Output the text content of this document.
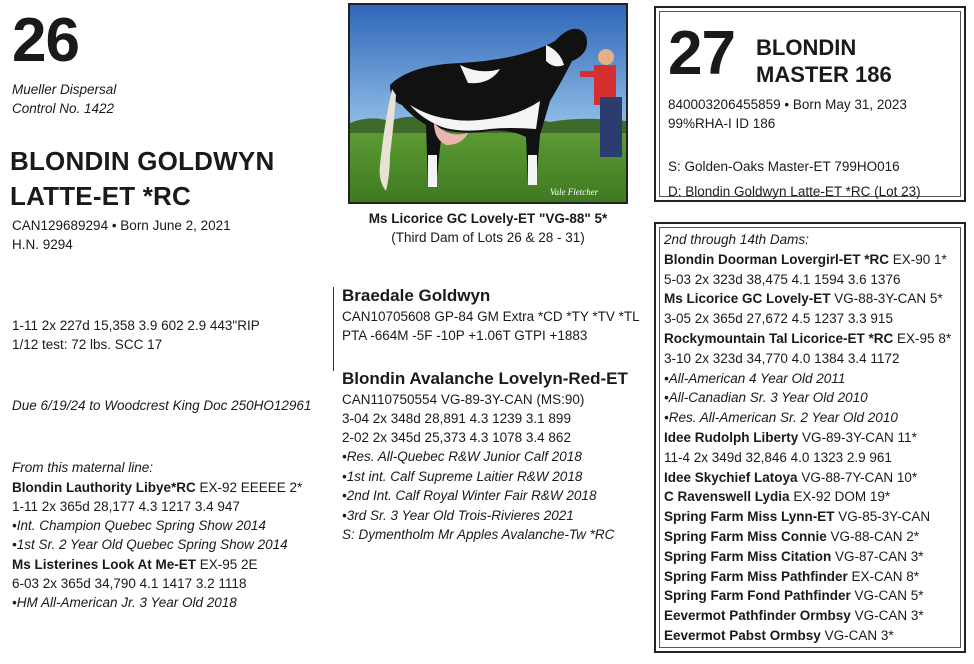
26
Mueller Dispersal
Control No. 1422
BLONDIN GOLDWYN
LATTE-ET *RC
CAN129689294 • Born June 2, 2021
H.N. 9294
1-11 2x 227d 15,358 3.9 602 2.9 443"RIP
1/12 test: 72 lbs. SCC 17
Due 6/19/24 to Woodcrest King Doc 250HO12961
From this maternal line:
Blondin Lauthority Libye*RC EX-92 EEEEE 2*
1-11 2x 365d 28,177 4.3 1217 3.4 947
•Int. Champion Quebec Spring Show 2014
•1st Sr. 2 Year Old Quebec Spring Show 2014
Ms Listerines Look At Me-ET EX-95 2E
6-03 2x 365d 34,790 4.1 1417 3.2 1118
•HM All-American Jr. 3 Year Old 2018
Vale Fletcher
Ms Licorice GC Lovely-ET "VG-88" 5*
(Third Dam of Lots 26 & 28 - 31)
Braedale Goldwyn
CAN10705608 GP-84 GM Extra *CD *TY *TV *TL
PTA -664M -5F -10P +1.06T GTPI +1883
Blondin Avalanche Lovelyn-Red-ET
CAN110750554 VG-89-3Y-CAN (MS:90)
3-04 2x 348d 28,891 4.3 1239 3.1 899
2-02 2x 345d 25,373 4.3 1078 3.4 862
•Res. All-Quebec R&W Junior Calf 2018
•1st int. Calf Supreme Laitier R&W 2018
•2nd Int. Calf Royal Winter Fair R&W 2018
•3rd Sr. 3 Year Old Trois-Rivieres 2021
S: Dymentholm Mr Apples Avalanche-Tw *RC
27 BLONDIN
MASTER 186
840003206455859 • Born May 31, 2023
99%RHA-I ID 186
S: Golden-Oaks Master-ET 799HO016
D: Blondin Goldwyn Latte-ET *RC (Lot 23)
2nd through 14th Dams:
Blondin Doorman Lovergirl-ET *RC EX-90 1*
5-03 2x 323d 38,475 4.1 1594 3.6 1376
Ms Licorice GC Lovely-ET VG-88-3Y-CAN 5*
3-05 2x 365d 27,672 4.5 1237 3.3 915
Rockymountain Tal Licorice-ET *RC EX-95 8*
3-10 2x 323d 34,770 4.0 1384 3.4 1172
•All-American 4 Year Old 2011
•All-Canadian Sr. 3 Year Old 2010
•Res. All-American Sr. 2 Year Old 2010
Idee Rudolph Liberty VG-89-3Y-CAN 11*
11-4 2x 349d 32,846 4.0 1323 2.9 961
Idee Skychief Latoya VG-88-7Y-CAN 10*
C Ravenswell Lydia EX-92 DOM 19*
Spring Farm Miss Lynn-ET VG-85-3Y-CAN
Spring Farm Miss Connie VG-88-CAN 2*
Spring Farm Miss Citation VG-87-CAN 3*
Spring Farm Miss Pathfinder EX-CAN 8*
Spring Farm Fond Pathfinder VG-CAN 5*
Eevermot Pathfinder Ormbsy VG-CAN 3*
Eevermot Pabst Ormbsy VG-CAN 3*
